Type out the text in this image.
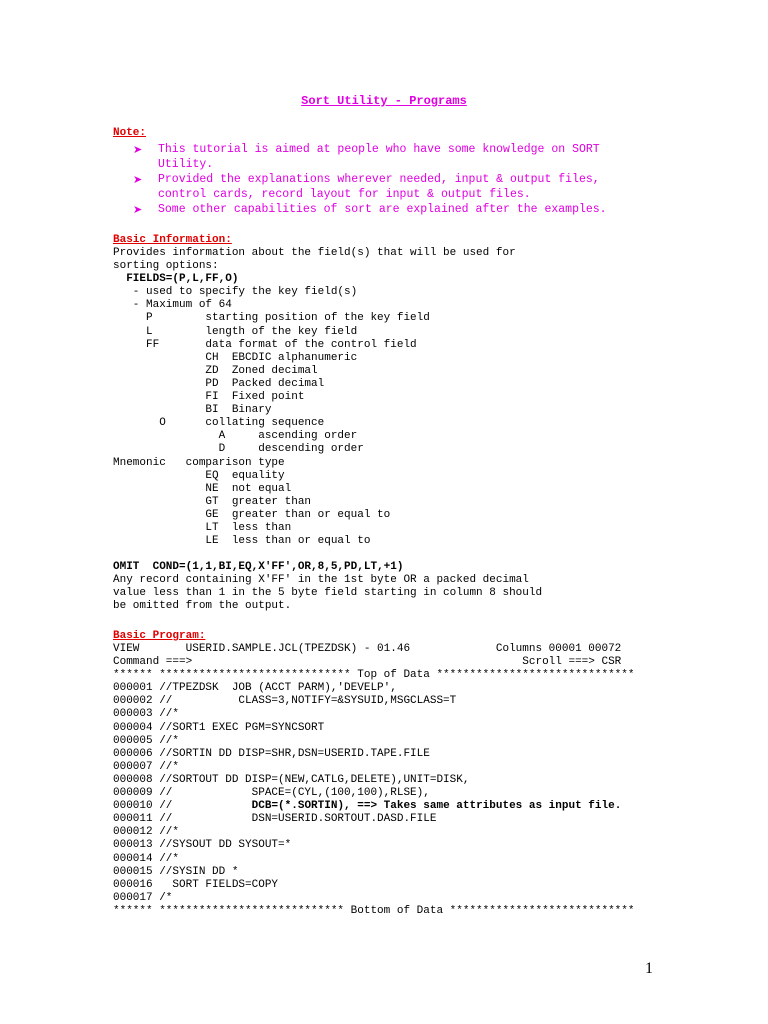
Sort Utility - Programs
Note:
➤ This tutorial is aimed at people who have some knowledge on SORT
Utility.
➤ Provided the explanations wherever needed, input & output files,
control cards, record layout for input & output files.
➤ Some other capabilities of sort are explained after the examples.
Basic Information:
Provides information about the field(s) that will be used for
sorting options:
FIELDS=(P,L,FF,O)
- used to specify the key field(s)
- Maximum of 64
P        starting position of the key field
L        length of the key field
FF       data format of the control field
CH  EBCDIC alphanumeric
ZD  Zoned decimal
PD  Packed decimal
FI  Fixed point
BI  Binary
O      collating sequence
A     ascending order
D     descending order
Mnemonic   comparison type
EQ  equality
NE  not equal
GT  greater than
GE  greater than or equal to
LT  less than
LE  less than or equal to
OMIT  COND=(1,1,BI,EQ,X'FF',OR,8,5,PD,LT,+1)
Any record containing X'FF' in the 1st byte OR a packed decimal
value less than 1 in the 5 byte field starting in column 8 should
be omitted from the output.
Basic Program:
VIEW       USERID.SAMPLE.JCL(TPEZDSK) - 01.46             Columns 00001 00072
Command ===>                                                  Scroll ===> CSR
****** ***************************** Top of Data ******************************
000001 //TPEZDSK  JOB (ACCT PARM),'DEVELP',
000002 //          CLASS=3,NOTIFY=&SYSUID,MSGCLASS=T
000003 //*
000004 //SORT1 EXEC PGM=SYNCSORT
000005 //*
000006 //SORTIN DD DISP=SHR,DSN=USERID.TAPE.FILE
000007 //*
000008 //SORTOUT DD DISP=(NEW,CATLG,DELETE),UNIT=DISK,
000009 //            SPACE=(CYL,(100,100),RLSE),
000010 //            DCB=(*.SORTIN), ==> Takes same attributes as input file.
000011 //            DSN=USERID.SORTOUT.DASD.FILE
000012 //*
000013 //SYSOUT DD SYSOUT=*
000014 //*
000015 //SYSIN DD *
000016   SORT FIELDS=COPY
000017 /*
****** **************************** Bottom of Data ****************************
1
